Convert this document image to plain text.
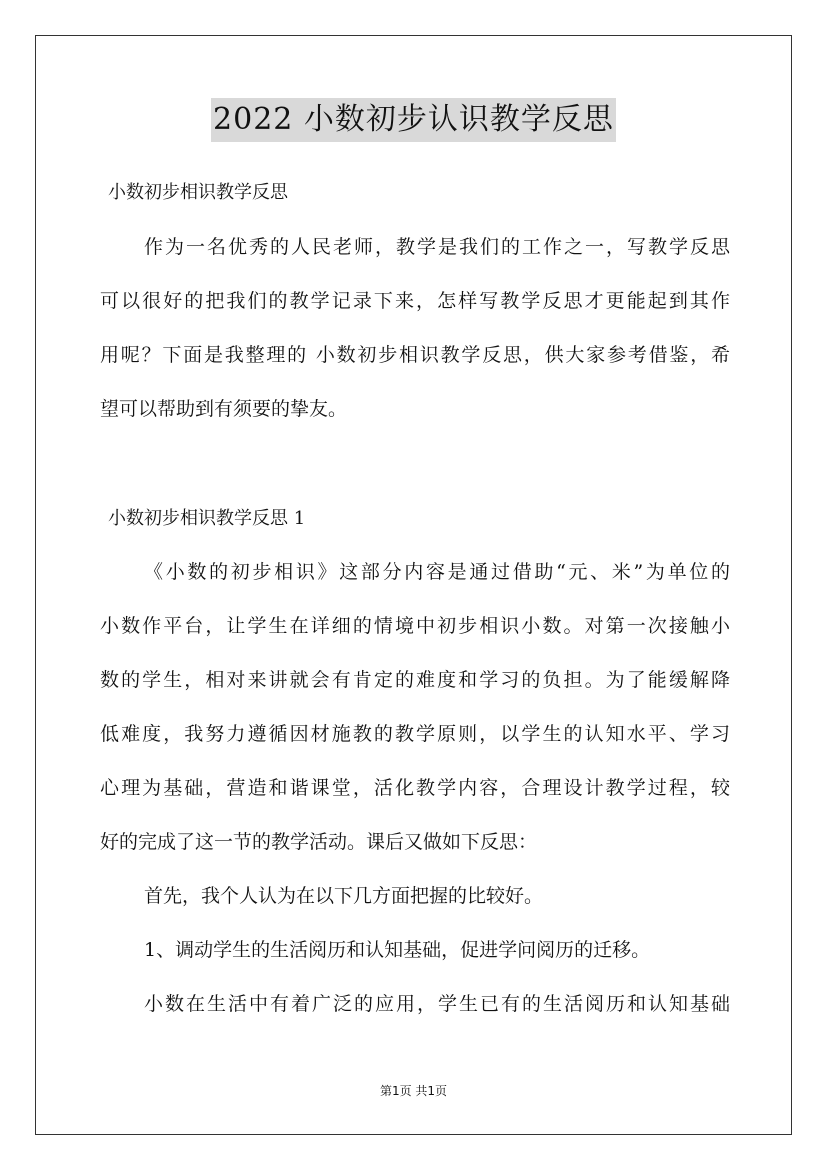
2022 小数初步认识教学反思
小数初步相识教学反思
作为一名优秀的人民老师，教学是我们的工作之一，写教学反思
可以很好的把我们的教学记录下来，怎样写教学反思才更能起到其作
用呢？下面是我整理的 小数初步相识教学反思，供大家参考借鉴，希
望可以帮助到有须要的挚友。
小数初步相识教学反思 1
《小数的初步相识》这部分内容是通过借助“元、米”为单位的
小数作平台，让学生在详细的情境中初步相识小数。对第一次接触小
数的学生，相对来讲就会有肯定的难度和学习的负担。为了能缓解降
低难度，我努力遵循因材施教的教学原则，以学生的认知水平、学习
心理为基础，营造和谐课堂，活化教学内容，合理设计教学过程，较
好的完成了这一节的教学活动。课后又做如下反思：
首先，我个人认为在以下几方面把握的比较好。
1、调动学生的生活阅历和认知基础，促进学问阅历的迁移。
小数在生活中有着广泛的应用，学生已有的生活阅历和认知基础
第1页 共1页
